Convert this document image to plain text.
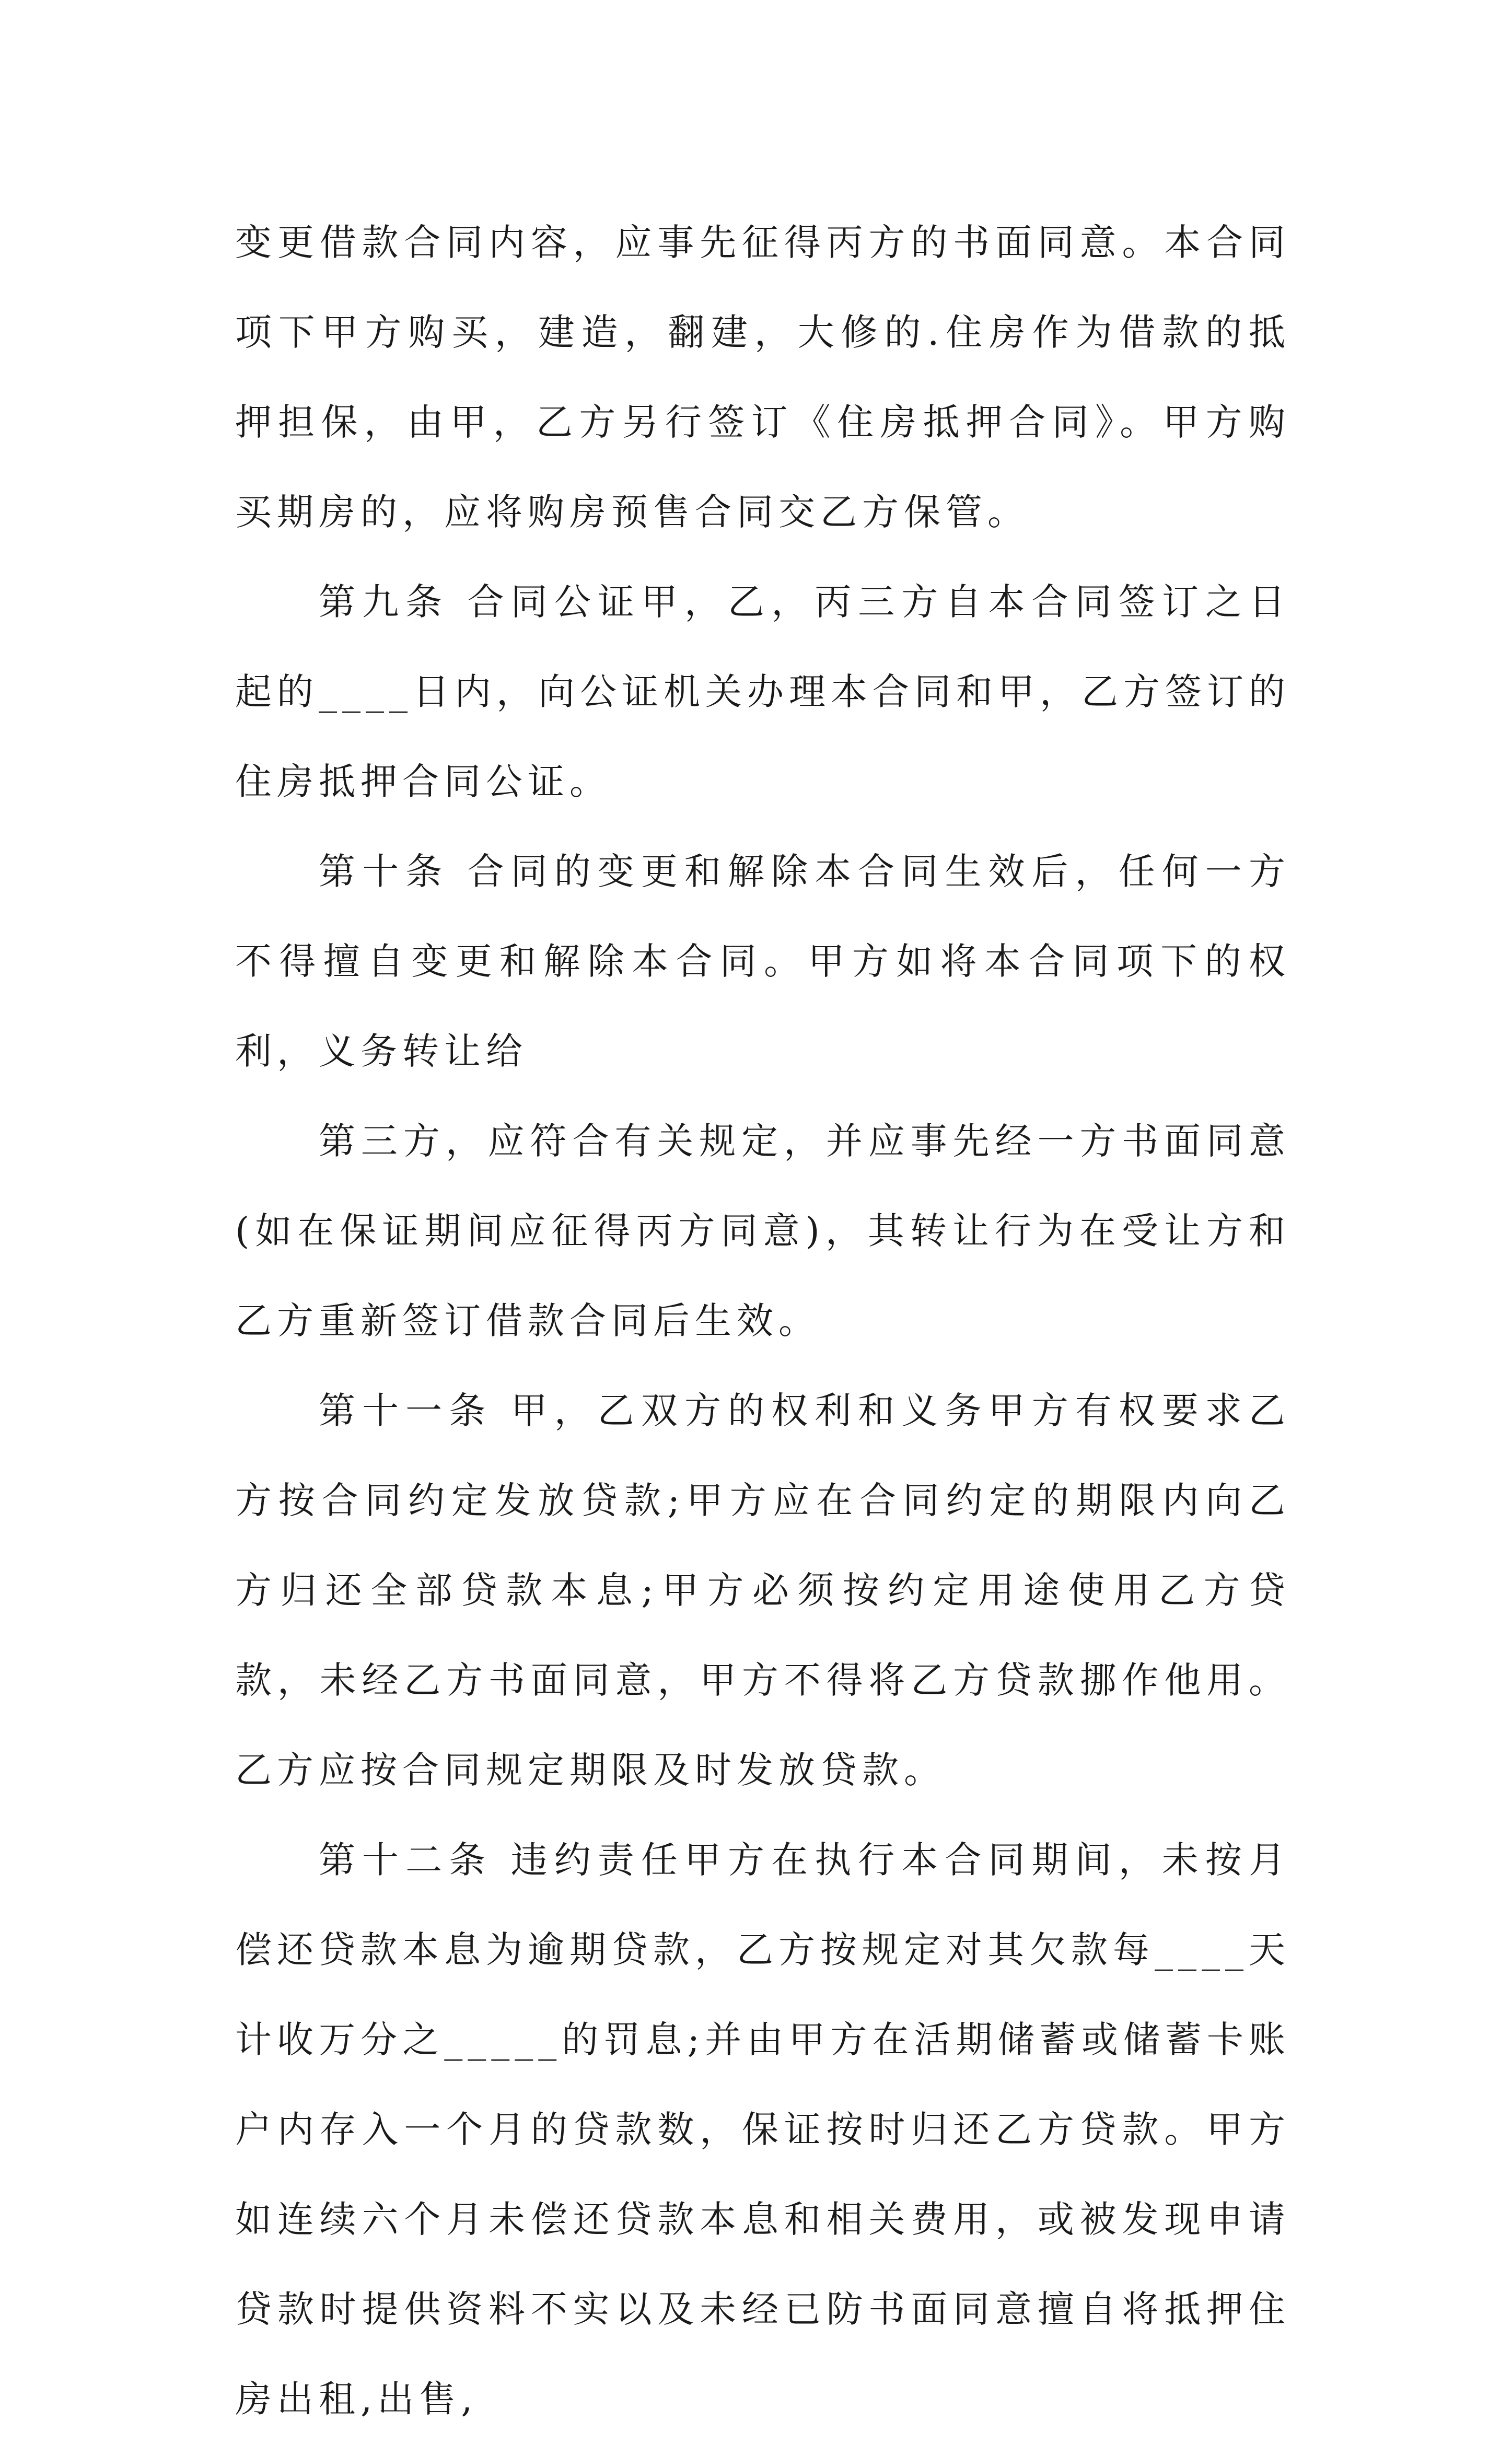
变更借款合同内容，应事先征得丙方的书面同意。本合同项下甲方购买，建造，翻建，大修的.住房作为借款的抵押担保，由甲，乙方另行签订《住房抵押合同》。甲方购买期房的，应将购房预售合同交乙方保管。

第九条 合同公证甲，乙，丙三方自本合同签订之日起的____日内，向公证机关办理本合同和甲，乙方签订的住房抵押合同公证。

第十条 合同的变更和解除本合同生效后，任何一方不得擅自变更和解除本合同。甲方如将本合同项下的权利，义务转让给

第三方，应符合有关规定，并应事先经一方书面同意(如在保证期间应征得丙方同意)，其转让行为在受让方和乙方重新签订借款合同后生效。

第十一条 甲，乙双方的权利和义务甲方有权要求乙方按合同约定发放贷款;甲方应在合同约定的期限内向乙方归还全部贷款本息;甲方必须按约定用途使用乙方贷款，未经乙方书面同意，甲方不得将乙方贷款挪作他用。乙方应按合同规定期限及时发放贷款。

第十二条 违约责任甲方在执行本合同期间，未按月偿还贷款本息为逾期贷款，乙方按规定对其欠款每____天计收万分之_____的罚息;并由甲方在活期储蓄或储蓄卡账户内存入一个月的贷款数，保证按时归还乙方贷款。甲方如连续六个月未偿还贷款本息和相关费用，或被发现申请贷款时提供资料不实以及未经已防书面同意擅自将抵押住房出租,出售,
